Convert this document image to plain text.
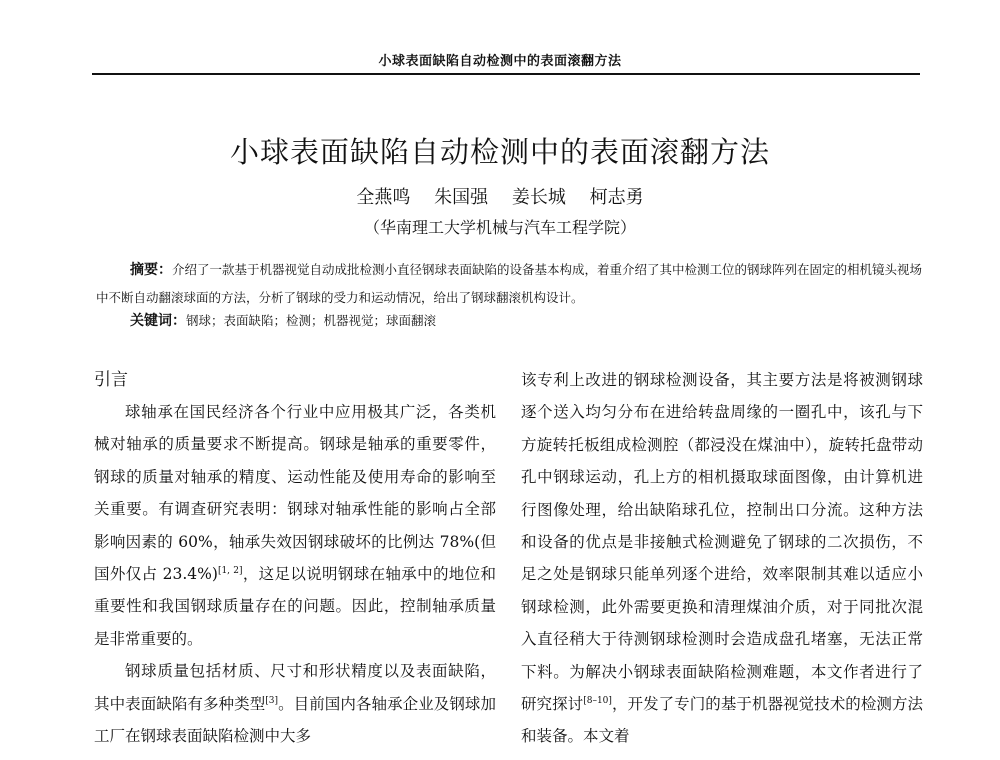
小球表面缺陷自动检测中的表面滚翻方法
小球表面缺陷自动检测中的表面滚翻方法
全燕鸣 朱国强 姜长城 柯志勇
（华南理工大学机械与汽车工程学院）
摘要：介绍了一款基于机器视觉自动成批检测小直径钢球表面缺陷的设备基本构成，着重介绍了其中检测工位的钢球阵列在固定的相机镜头视场中不断自动翻滚球面的方法，分析了钢球的受力和运动情况，给出了钢球翻滚机构设计。
关键词：钢球；表面缺陷；检测；机器视觉；球面翻滚
引言

球轴承在国民经济各个行业中应用极其广泛，各类机械对轴承的质量要求不断提高。钢球是轴承的重要零件，钢球的质量对轴承的精度、运动性能及使用寿命的影响至关重要。有调查研究表明：钢球对轴承性能的影响占全部影响因素的 60%，轴承失效因钢球破坏的比例达 78%(但国外仅占 23.4%)[1, 2]，这足以说明钢球在轴承中的地位和重要性和我国钢球质量存在的问题。因此，控制轴承质量是非常重要的。

钢球质量包括材质、尺寸和形状精度以及表面缺陷，其中表面缺陷有多种类型[3]。目前国内各轴承企业及钢球加工厂在钢球表面缺陷检测中大多

该专利上改进的钢球检测设备，其主要方法是将被测钢球逐个送入均匀分布在进给转盘周缘的一圈孔中，该孔与下方旋转托板组成检测腔（都浸没在煤油中），旋转托盘带动孔中钢球运动，孔上方的相机摄取球面图像，由计算机进行图像处理，给出缺陷球孔位，控制出口分流。这种方法和设备的优点是非接触式检测避免了钢球的二次损伤，不足之处是钢球只能单列逐个进给，效率限制其难以适应小钢球检测，此外需要更换和清理煤油介质，对于同批次混入直径稍大于待测钢球检测时会造成盘孔堵塞，无法正常下料。为解决小钢球表面缺陷检测难题，本文作者进行了研究探讨[8–10]，开发了专门的基于机器视觉技术的检测方法和装备。本文着
